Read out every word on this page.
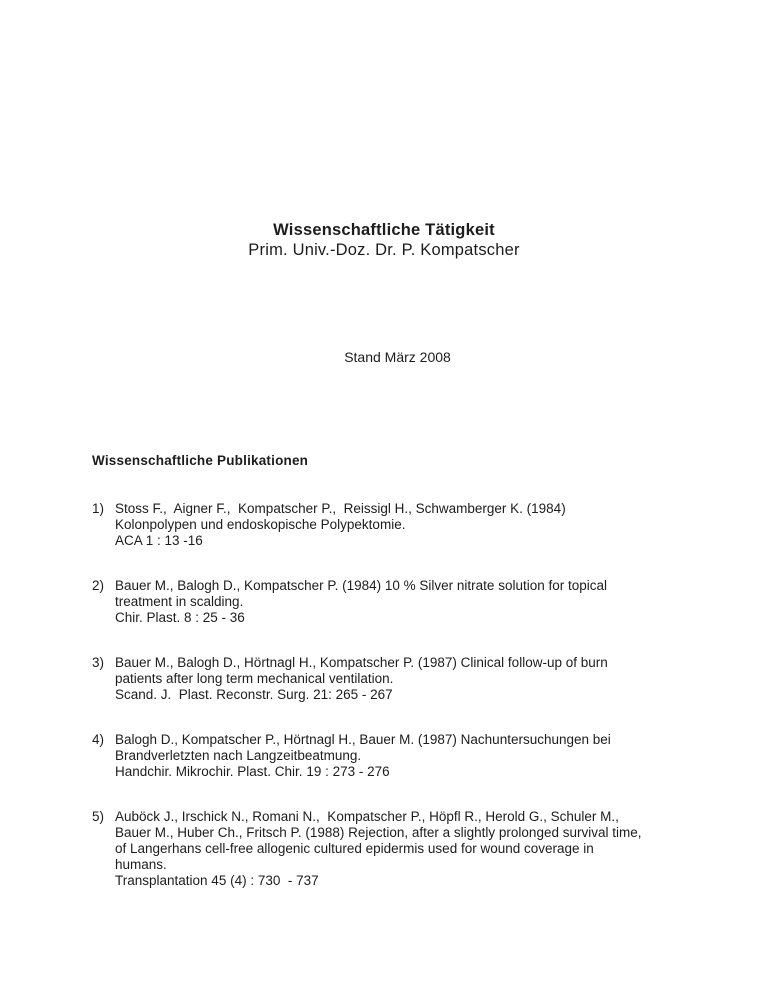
Wissenschaftliche Tätigkeit
Prim. Univ.-Doz. Dr. P. Kompatscher
Stand März 2008
Wissenschaftliche Publikationen
1) Stoss F.,  Aigner F.,  Kompatscher P.,  Reissigl H., Schwamberger K. (1984)
Kolonpolypen und endoskopische Polypektomie.
ACA 1 : 13 -16
2) Bauer M., Balogh D., Kompatscher P. (1984) 10 % Silver nitrate solution for topical
treatment in scalding.
Chir. Plast. 8 : 25 - 36
3) Bauer M., Balogh D., Hörtnagl H., Kompatscher P. (1987) Clinical follow-up of burn
patients after long term mechanical ventilation.
Scand. J.  Plast. Reconstr. Surg. 21: 265 - 267
4) Balogh D., Kompatscher P., Hörtnagl H., Bauer M. (1987) Nachuntersuchungen bei
Brandverletzten nach Langzeitbeatmung.
Handchir. Mikrochir. Plast. Chir. 19 : 273 - 276
5) Auböck J., Irschick N., Romani N.,  Kompatscher P., Höpfl R., Herold G., Schuler M.,
Bauer M., Huber Ch., Fritsch P. (1988) Rejection, after a slightly prolonged survival time,
of Langerhans cell-free allogenic cultured epidermis used for wound coverage in
humans.
Transplantation 45 (4) : 730  - 737
